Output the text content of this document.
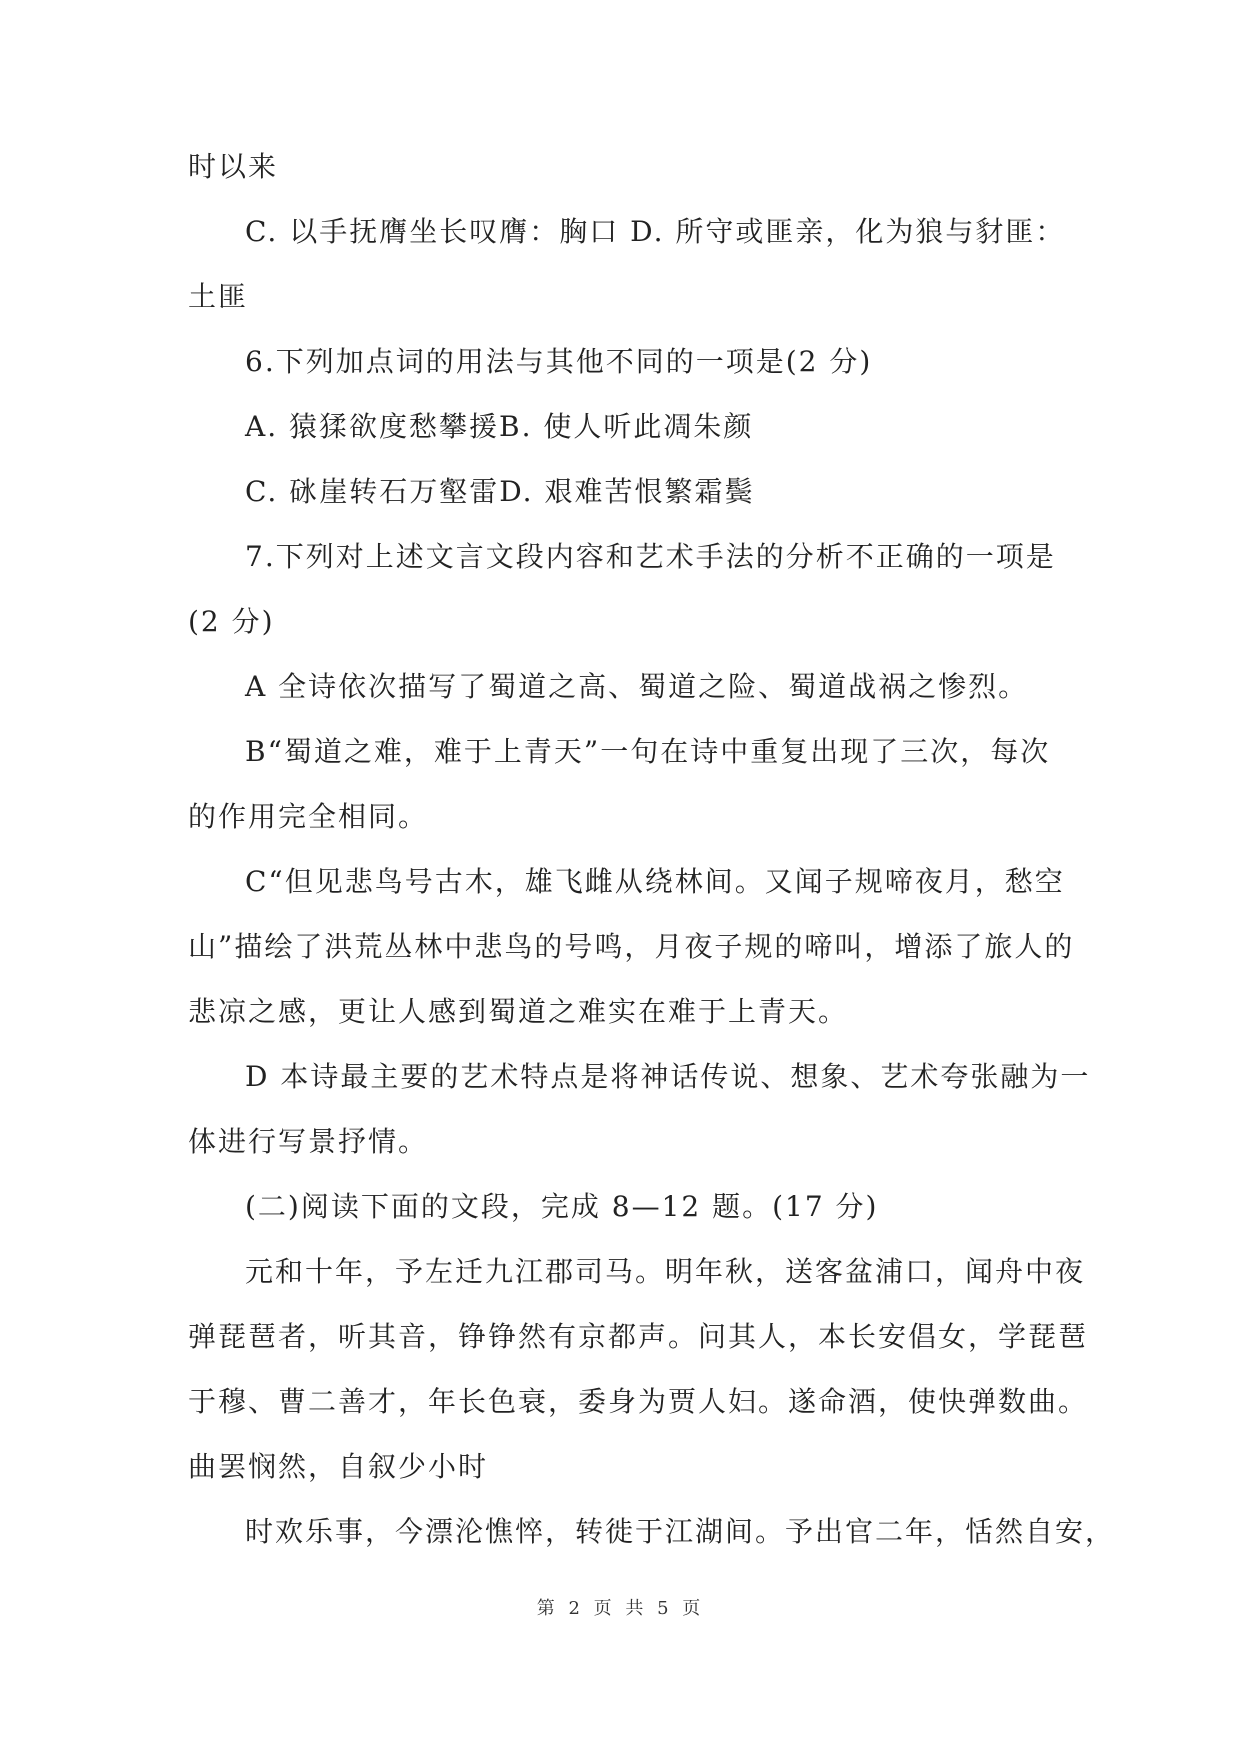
时以来
C. 以手抚膺坐长叹膺：胸口 D. 所守或匪亲，化为狼与豺匪：
土匪
6.下列加点词的用法与其他不同的一项是(2 分)
A. 猿猱欲度愁攀援B. 使人听此凋朱颜
C. 砯崖转石万壑雷D. 艰难苦恨繁霜鬓
7.下列对上述文言文段内容和艺术手法的分析不正确的一项是
(2 分)
A 全诗依次描写了蜀道之高、蜀道之险、蜀道战祸之惨烈。
B“蜀道之难，难于上青天”一句在诗中重复出现了三次，每次
的作用完全相同。
C“但见悲鸟号古木，雄飞雌从绕林间。又闻子规啼夜月，愁空
山”描绘了洪荒丛林中悲鸟的号鸣，月夜子规的啼叫，增添了旅人的
悲凉之感，更让人感到蜀道之难实在难于上青天。
D 本诗最主要的艺术特点是将神话传说、想象、艺术夸张融为一
体进行写景抒情。
(二)阅读下面的文段，完成 8—12 题。(17 分)
元和十年，予左迁九江郡司马。明年秋，送客盆浦口，闻舟中夜
弹琵琶者，听其音，铮铮然有京都声。问其人，本长安倡女，学琵琶
于穆、曹二善才，年长色衰，委身为贾人妇。遂命酒，使快弹数曲。
曲罢悯然，自叙少小时
时欢乐事，今漂沦憔悴，转徙于江湖间。予出官二年，恬然自安，
第 2 页 共 5 页
